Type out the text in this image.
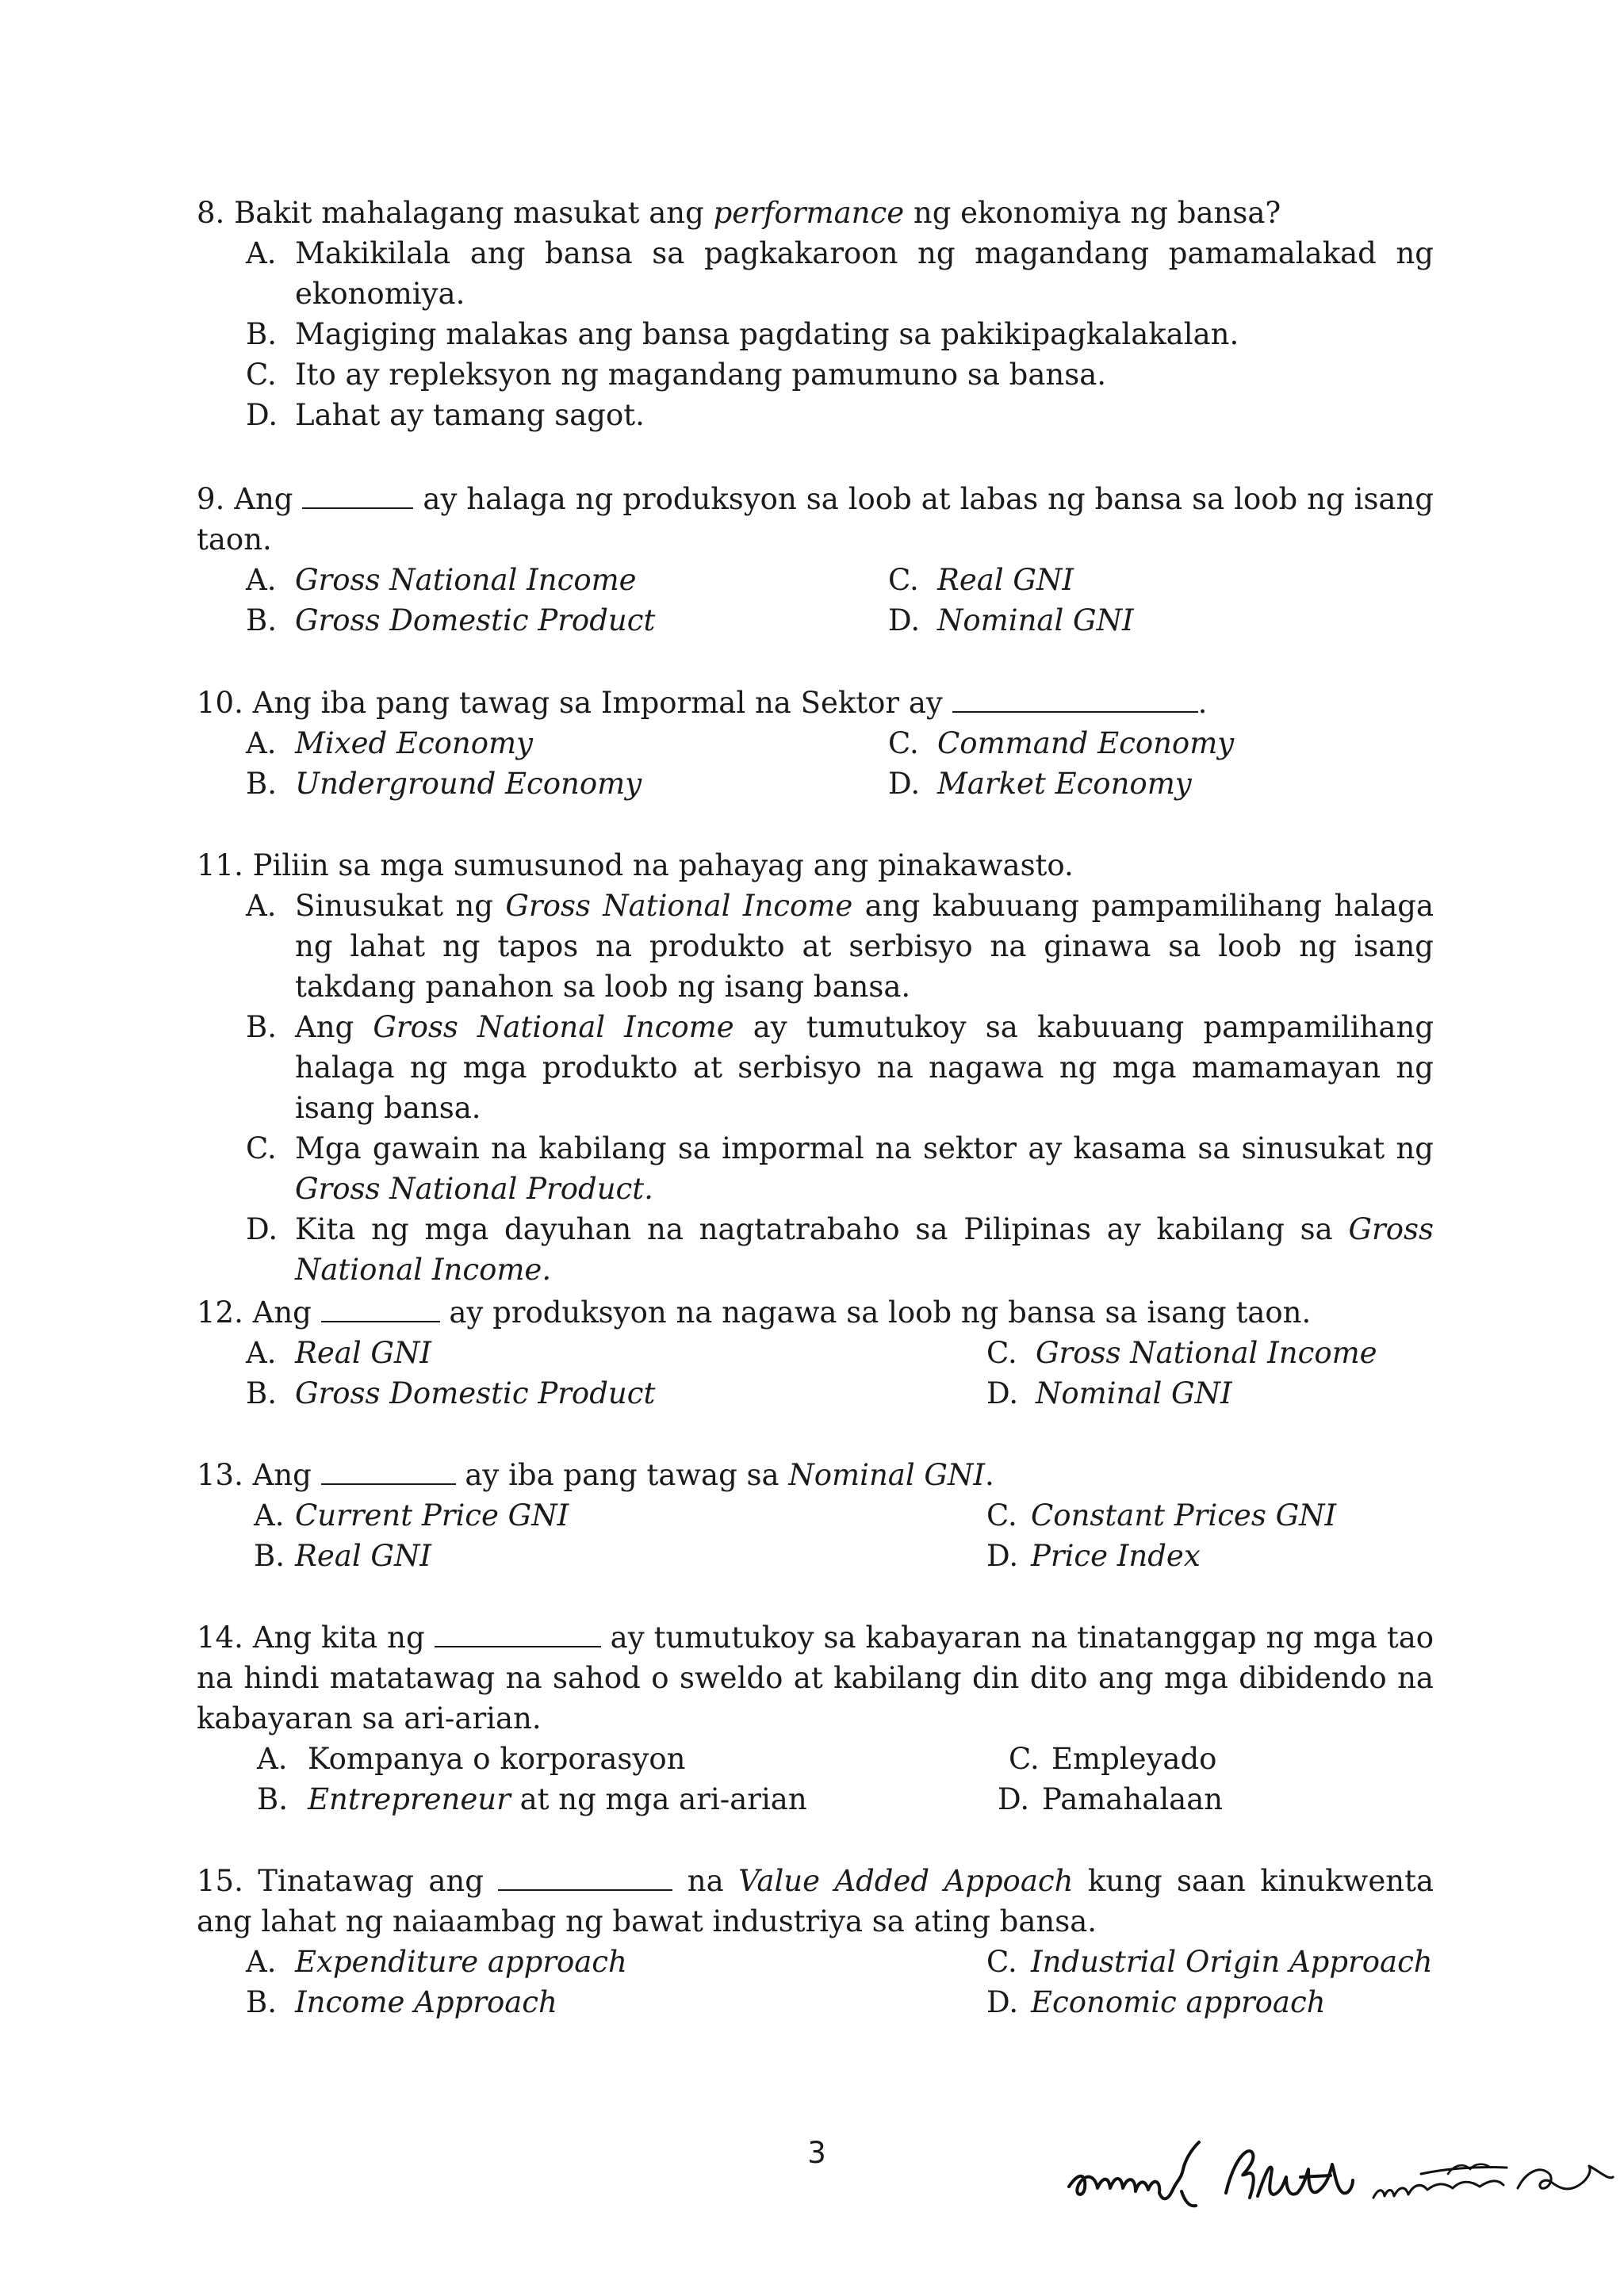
8. Bakit mahalagang masukat ang performance ng ekonomiya ng bansa?
A. Makikilala ang bansa sa pagkakaroon ng magandang pamamalakad ng ekonomiya.
B. Magiging malakas ang bansa pagdating sa pakikipagkalakalan.
C. Ito ay repleksyon ng magandang pamumuno sa bansa.
D. Lahat ay tamang sagot.
9. Ang	ay halaga ng produksyon sa loob at labas ng bansa sa loob ng isang taon.
A. Gross National Income	C. Real GNI
B. Gross Domestic Product	D. Nominal GNI
10. Ang iba pang tawag sa Impormal na Sektor ay	.
A. Mixed Economy	C. Command Economy
B. Underground Economy	D. Market Economy
11. Piliin sa mga sumusunod na pahayag ang pinakawasto.
A. Sinusukat ng Gross National Income ang kabuuang pampamilihang halaga ng lahat ng tapos na produkto at serbisyo na ginawa sa loob ng isang takdang panahon sa loob ng isang bansa.
B. Ang Gross National Income ay tumutukoy sa kabuuang pampamilihang halaga ng mga produkto at serbisyo na nagawa ng mga mamamayan ng isang bansa.
C. Mga gawain na kabilang sa impormal na sektor ay kasama sa sinusukat ng Gross National Product.
D. Kita ng mga dayuhan na nagtatrabaho sa Pilipinas ay kabilang sa Gross National Income.
12. Ang	ay produksyon na nagawa sa loob ng bansa sa isang taon.
A. Real GNI	C. Gross National Income
B. Gross Domestic Product	D. Nominal GNI
13. Ang	ay iba pang tawag sa Nominal GNI.
A. Current Price GNI	C. Constant Prices GNI
B. Real GNI	D. Price Index
14. Ang kita ng	ay tumutukoy sa kabayaran na tinatanggap ng mga tao na hindi matatawag na sahod o sweldo at kabilang din dito ang mga dibidendo na kabayaran sa ari-arian.
A. Kompanya o korporasyon	C. Empleyado
B. Entrepreneur at ng mga ari-arian	D. Pamahalaan
15. Tinatawag ang	na Value Added Appoach kung saan kinukwenta ang lahat ng naiaambag ng bawat industriya sa ating bansa.
A. Expenditure approach	C. Industrial Origin Approach
B. Income Approach	D. Economic approach
3
